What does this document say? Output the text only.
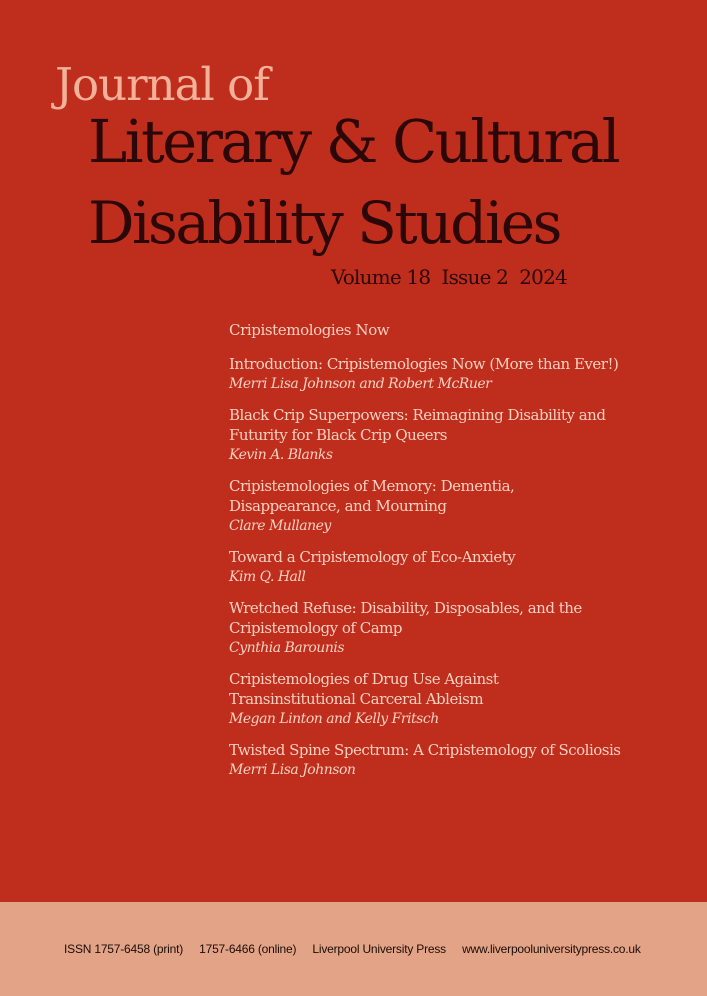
Journal of
Literary & Cultural
Disability Studies
Volume 18
Issue 2
2024

Cripistemologies Now

Introduction: Cripistemologies Now (More than Ever!)
Merri Lisa Johnson and Robert McRuer
Black Crip Superpowers: Reimagining Disability and Futurity for Black Crip Queers
Kevin A. Blanks
Cripistemologies of Memory: Dementia, Disappearance, and Mourning
Clare Mullaney
Toward a Cripistemology of Eco-Anxiety
Kim Q. Hall
Wretched Refuse: Disability, Disposables, and the Cripistemology of Camp
Cynthia Barounis
Cripistemologies of Drug Use Against Transinstitutional Carceral Ableism
Megan Linton and Kelly Fritsch
Twisted Spine Spectrum: A Cripistemology of Scoliosis
Merri Lisa Johnson
ISSN 1757-6458 (print) 1757-6466 (online) Liverpool University Press www.liverpooluniversitypress.co.uk
